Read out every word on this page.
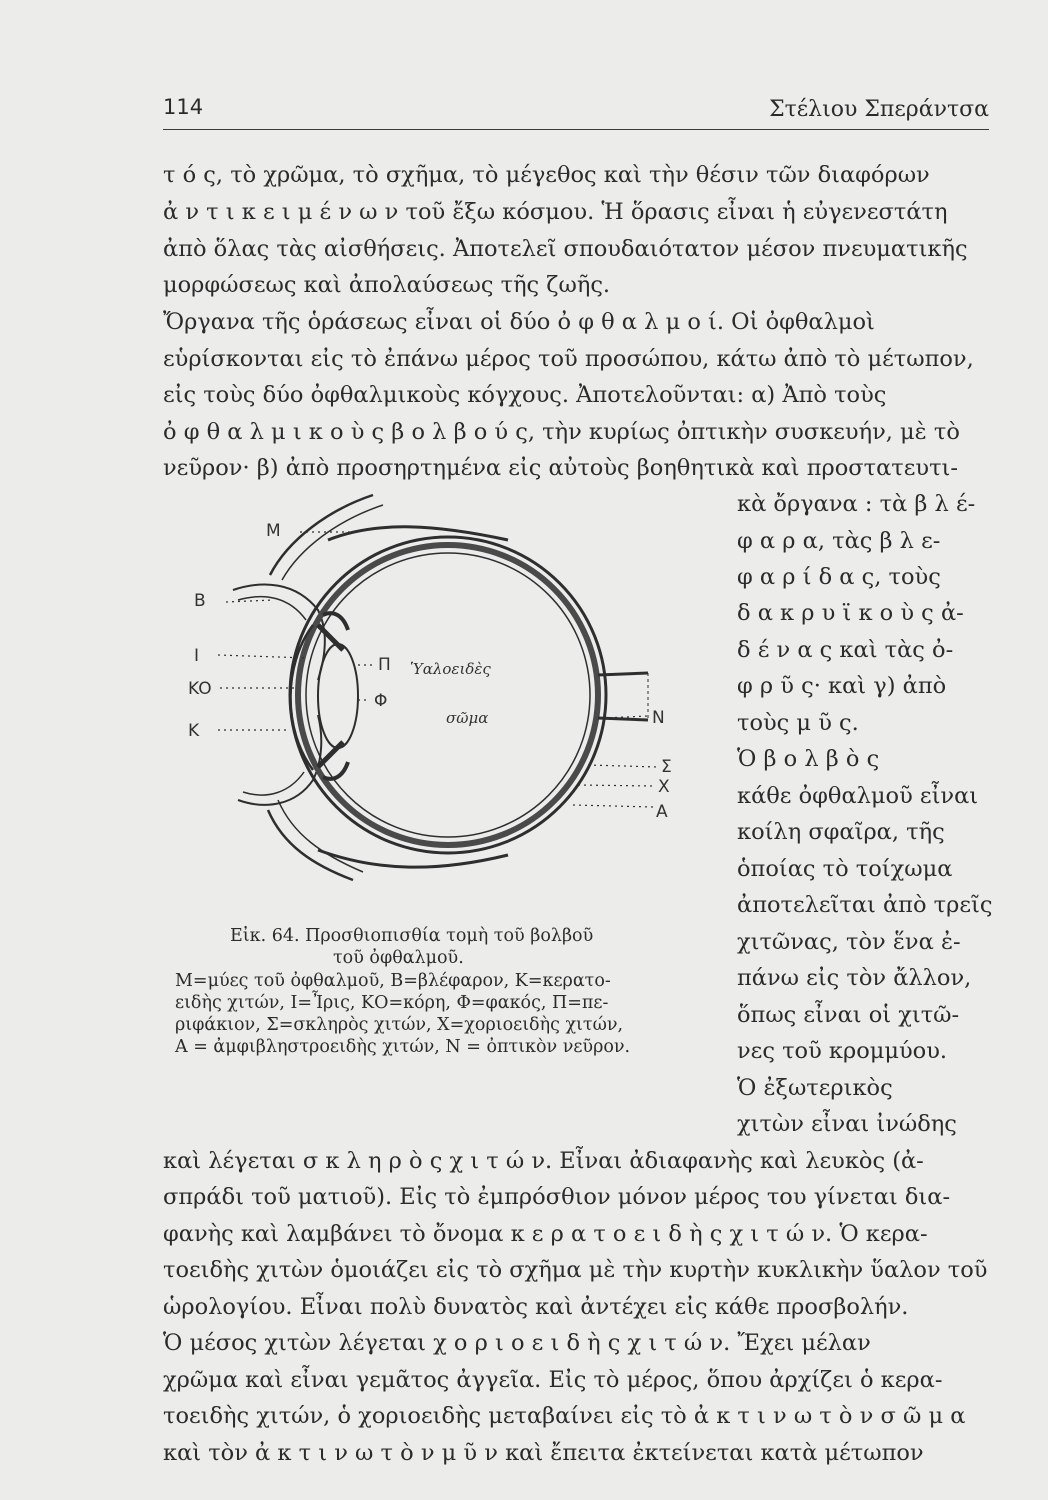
114	Στέλιου Σπεράντσα
τ ό ς, τὸ χρῶμα, τὸ σχῆμα, τὸ μέγεθος καὶ τὴν θέσιν τῶν διαφόρων
ἀ ν τ ι κ ε ι μ έ ν ω ν τοῦ ἔξω κόσμου. Ἡ ὅρασις εἶναι ἡ εὐγενεστάτη
ἀπὸ ὅλας τὰς αἰσθήσεις. Ἀποτελεῖ σπουδαιότατον μέσον πνευματικῆς
μορφώσεως καὶ ἀπολαύσεως τῆς ζωῆς.
Ὄργανα τῆς ὁράσεως εἶναι οἱ δύο ὀ φ θ α λ μ ο ί. Οἱ ὀφθαλμοὶ
εὑρίσκονται εἰς τὸ ἐπάνω μέρος τοῦ προσώπου, κάτω ἀπὸ τὸ μέτωπον,
εἰς τοὺς δύο ὀφθαλμικοὺς κόγχους. Ἀποτελοῦνται: α) Ἀπὸ τοὺς
ὀ φ θ α λ μ ι κ ο ὺ ς β ο λ β ο ύ ς, τὴν κυρίως ὀπτικὴν συσκευήν, μὲ τὸ
νεῦρον· β) ἀπὸ προσηρτημένα εἰς αὐτοὺς βοηθητικὰ καὶ προστατευτι-
κὰ ὄργανα : τὰ β λ έ-
φ α ρ α, τὰς β λ ε-
φ α ρ ί δ α ς, τοὺς
δ α κ ρ υ ϊ κ ο ὺ ς ἀ-
δ έ ν α ς καὶ τὰς ὀ-
φ ρ ῦ ς· καὶ γ) ἀπὸ
τοὺς μ ῦ ς.
Ὁ β ο λ β ὸ ς
κάθε ὀφθαλμοῦ εἶναι
κοίλη σφαῖρα, τῆς
ὁποίας τὸ τοίχωμα
ἀποτελεῖται ἀπὸ τρεῖς
χιτῶνας, τὸν ἕνα ἐ-
πάνω εἰς τὸν ἄλλον,
ὅπως εἶναι οἱ χιτῶ-
νες τοῦ κρομμύου.
Ὁ ἐξωτερικὸς
χιτὼν εἶναι ἰνώδης
M
B
I
KO
K
Π
Φ
N
Σ
X
A
Ὑαλοειδὲς
σῶμα
Εἰκ. 64. Προσθιοπισθία τομὴ τοῦ βολβοῦ
τοῦ ὀφθαλμοῦ.
Μ=μύες τοῦ ὀφθαλμοῦ, Β=βλέφαρον, Κ=κερατο-
ειδὴς χιτών, Ι=Ἶρις, ΚΟ=κόρη, Φ=φακός, Π=πε-
ριφάκιον, Σ=σκληρὸς χιτών, Χ=χοριοειδὴς χιτών,
Α = ἀμφιβληστροειδὴς χιτών, Ν = ὀπτικὸν νεῦρον.
καὶ λέγεται σ κ λ η ρ ὸ ς χ ι τ ώ ν. Εἶναι ἀδιαφανὴς καὶ λευκὸς (ἀ-
σπράδι τοῦ ματιοῦ). Εἰς τὸ ἐμπρόσθιον μόνον μέρος του γίνεται δια-
φανὴς καὶ λαμβάνει τὸ ὄνομα κ ε ρ α τ ο ε ι δ ὴ ς χ ι τ ώ ν. Ὁ κερα-
τοειδὴς χιτὼν ὁμοιάζει εἰς τὸ σχῆμα μὲ τὴν κυρτὴν κυκλικὴν ὕαλον τοῦ
ὡρολογίου. Εἶναι πολὺ δυνατὸς καὶ ἀντέχει εἰς κάθε προσβολήν.
Ὁ μέσος χιτὼν λέγεται χ ο ρ ι ο ε ι δ ὴ ς χ ι τ ώ ν. Ἔχει μέλαν
χρῶμα καὶ εἶναι γεμᾶτος ἀγγεῖα. Εἰς τὸ μέρος, ὅπου ἀρχίζει ὁ κερα-
τοειδὴς χιτών, ὁ χοριοειδὴς μεταβαίνει εἰς τὸ ἀ κ τ ι ν ω τ ὸ ν σ ῶ μ α
καὶ τὸν ἀ κ τ ι ν ω τ ὸ ν μ ῦ ν καὶ ἔπειτα ἐκτείνεται κατὰ μέτωπον
